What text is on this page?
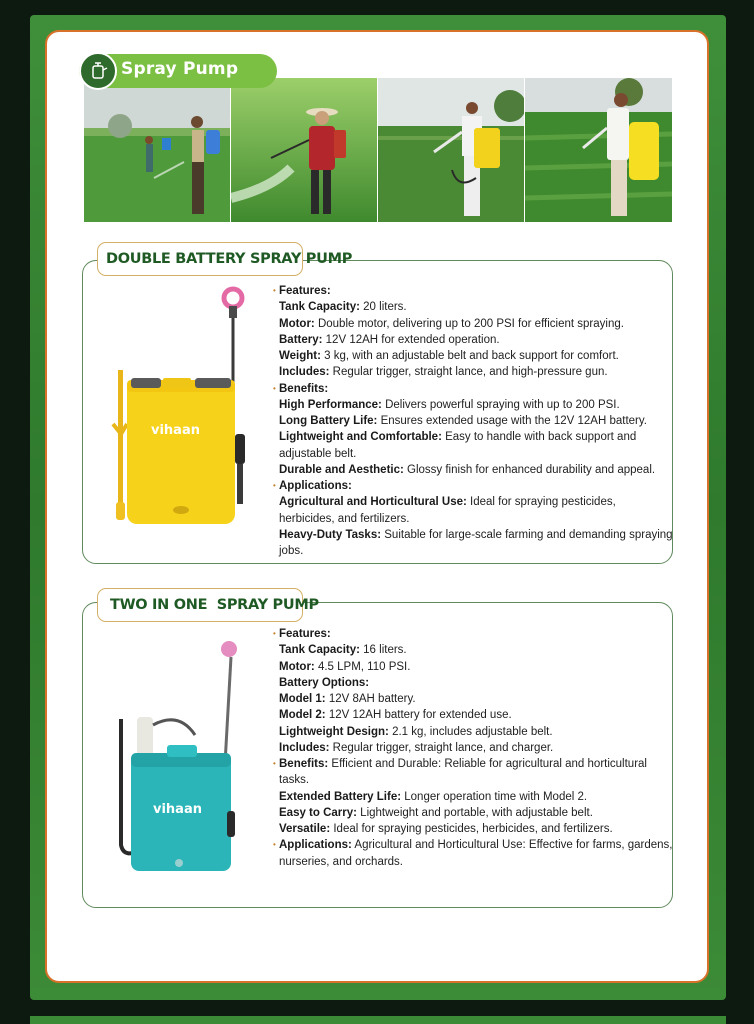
Spray Pump
DOUBLE BATTERY SPRAY PUMP
vihaan
• Features:
Tank Capacity: 20 liters.
Motor: Double motor, delivering up to 200 PSI for efficient spraying.
Battery: 12V 12AH for extended operation.
Weight: 3 kg, with an adjustable belt and back support for comfort.
Includes: Regular trigger, straight lance, and high-pressure gun.
• Benefits:
High Performance: Delivers powerful spraying with up to 200 PSI.
Long Battery Life: Ensures extended usage with the 12V 12AH battery.
Lightweight and Comfortable: Easy to handle with back support and adjustable belt.
Durable and Aesthetic: Glossy finish for enhanced durability and appeal.
• Applications:
Agricultural and Horticultural Use: Ideal for spraying pesticides, herbicides, and fertilizers.
Heavy-Duty Tasks: Suitable for large-scale farming and demanding spraying jobs.
TWO IN ONE  SPRAY PUMP
vihaan
• Features:
Tank Capacity: 16 liters.
Motor: 4.5 LPM, 110 PSI.
Battery Options:
Model 1: 12V 8AH battery.
Model 2: 12V 12AH battery for extended use.
Lightweight Design: 2.1 kg, includes adjustable belt.
Includes: Regular trigger, straight lance, and charger.
• Benefits: Efficient and Durable: Reliable for agricultural and horticultural tasks.
Extended Battery Life: Longer operation time with Model 2.
Easy to Carry: Lightweight and portable, with adjustable belt.
Versatile: Ideal for spraying pesticides, herbicides, and fertilizers.
• Applications: Agricultural and Horticultural Use: Effective for farms, gardens, nurseries, and orchards.
